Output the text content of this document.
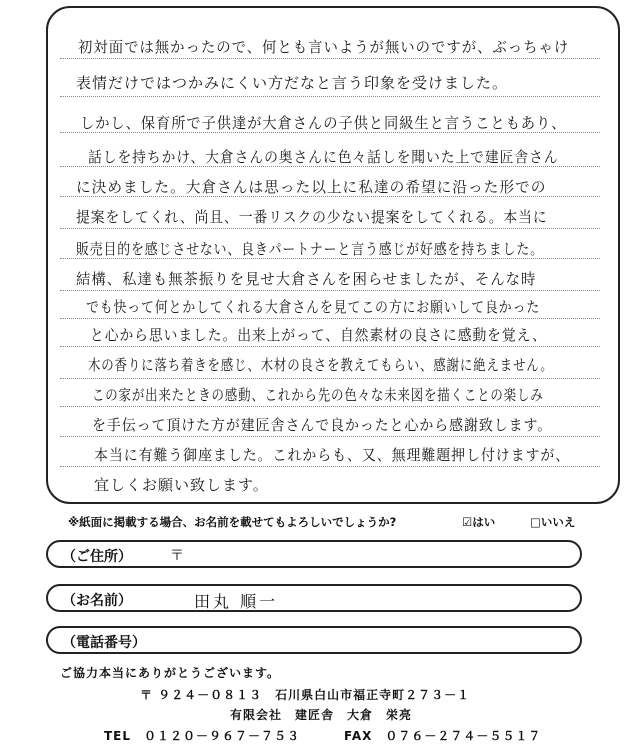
初対面では無かったので、何とも言いようが無いのですが、ぶっちゃけ
表情だけではつかみにくい方だなと言う印象を受けました。
しかし、保育所で子供達が大倉さんの子供と同級生と言うこともあり、
話しを持ちかけ、大倉さんの奥さんに色々話しを聞いた上で建匠舎さん
に決めました。大倉さんは思った以上に私達の希望に沿った形での
提案をしてくれ、尚且、一番リスクの少ない提案をしてくれる。本当に
販売目的を感じさせない、良きパートナーと言う感じが好感を持ちました。
結構、私達も無茶振りを見せ大倉さんを困らせましたが、そんな時
でも快って何とかしてくれる大倉さんを見てこの方にお願いして良かった
と心から思いました。出来上がって、自然素材の良さに感動を覚え、
木の香りに落ち着きを感じ、木材の良さを教えてもらい、感謝に絶えません。
この家が出来たときの感動、これから先の色々な未来図を描くことの楽しみ
を手伝って頂けた方が建匠舎さんで良かったと心から感謝致します。
本当に有難う御座ました。これからも、又、無理難題押し付けますが、
宜しくお願い致します。
※紙面に掲載する場合、お名前を載せてもよろしいでしょうか?	☑はい	□いいえ
（ご住所）	〒
（お名前）	田丸 順一
（電話番号）
ご協力本当にありがとうございます。
〒 ９２４－０８１３　石川県白山市福正寺町２７３－１
有限会社　建匠舎　大倉　栄亮
TEL　０１２０－９６７－７５３	FAX　０７６－２７４－５５１７
